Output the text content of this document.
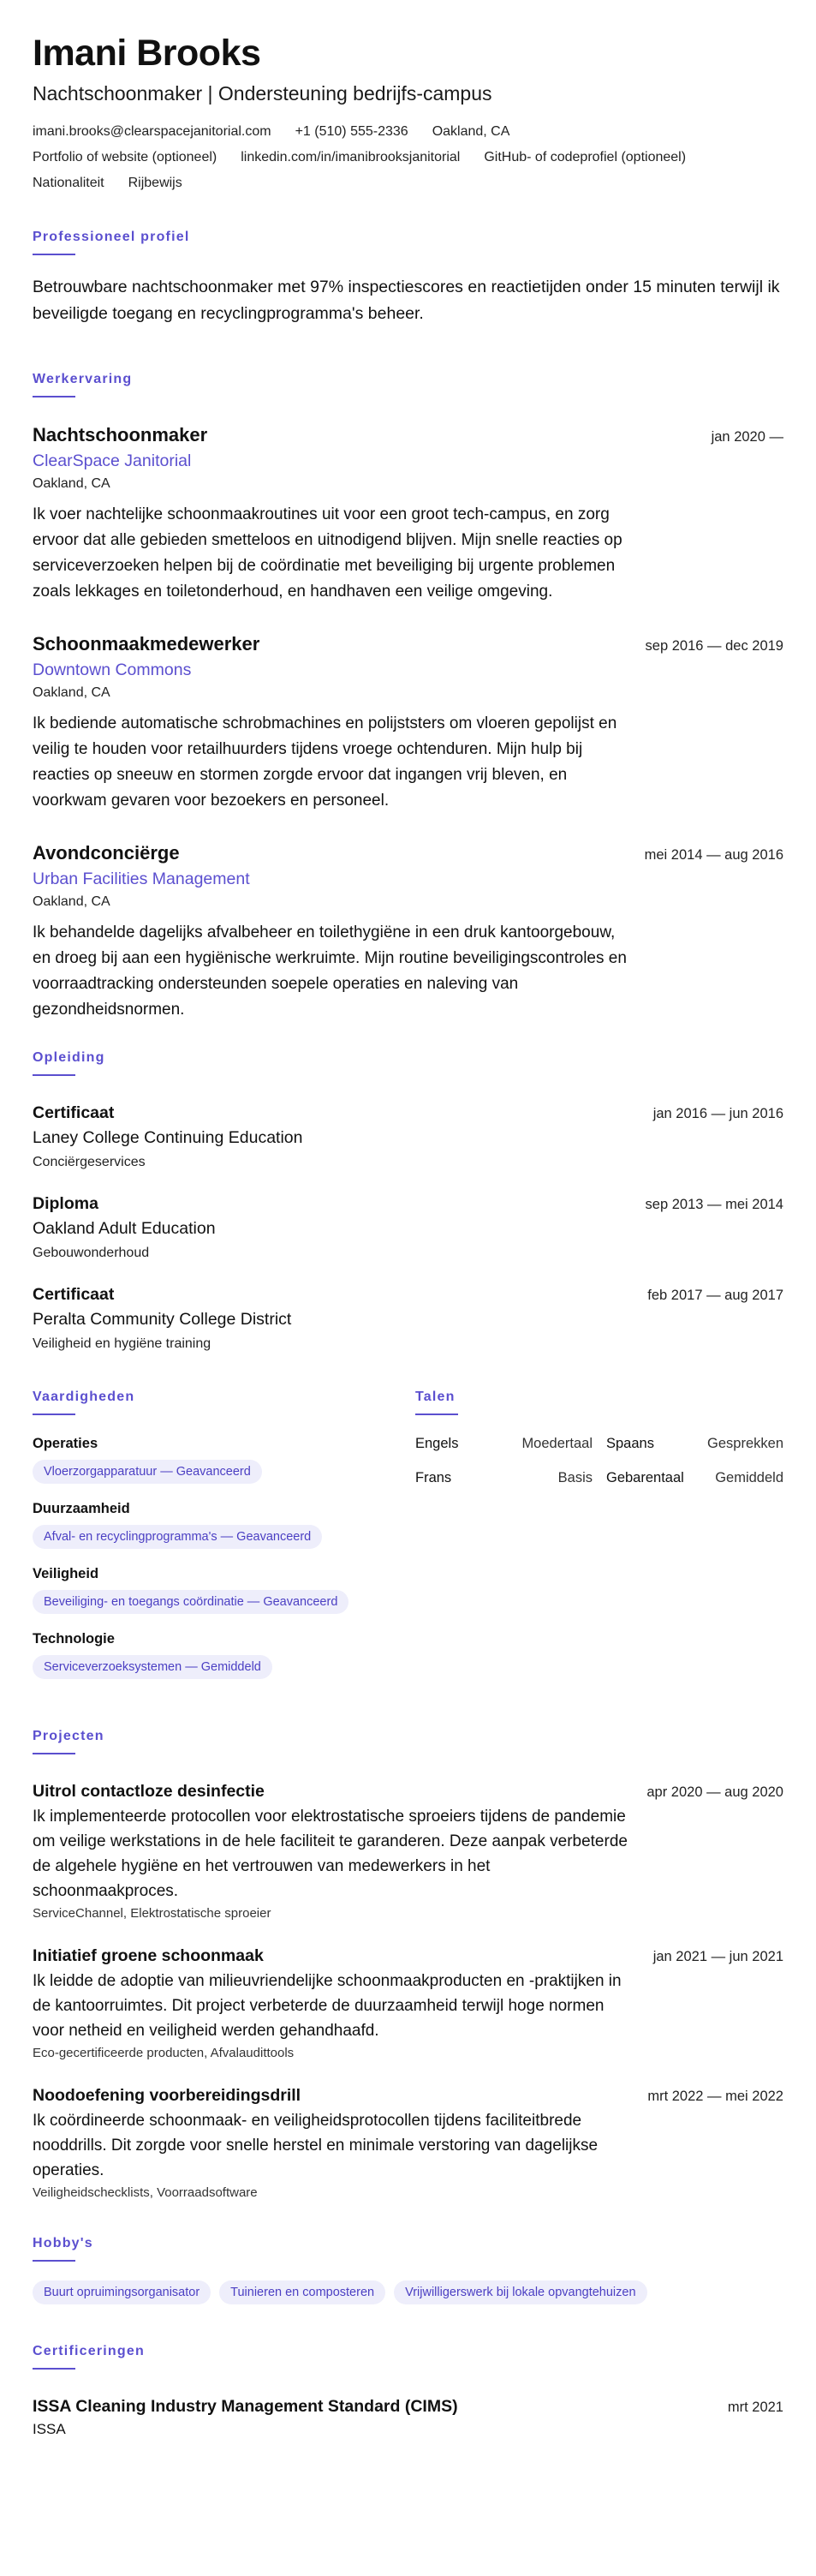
Imani Brooks
Nachtschoonmaker | Ondersteuning bedrijfs-campus
imani.brooks@clearspacejanitorial.com +1 (510) 555-2336 Oakland, CA
Portfolio of website (optioneel) linkedin.com/in/imanibrooksjanitorial GitHub- of codeprofiel (optioneel)
Nationaliteit Rijbewijs
Professioneel profiel

Betrouwbare nachtschoonmaker met 97% inspectiescores en reactietijden onder 15 minuten terwijl ik beveiligde toegang en recyclingprogramma's beheer.

Werkervaring
Nachtschoonmaker	jan 2020 —
ClearSpace Janitorial
Oakland, CA

Ik voer nachtelijke schoonmaakroutines uit voor een groot tech-campus, en zorg ervoor dat alle gebieden smetteloos en uitnodigend blijven. Mijn snelle reacties op serviceverzoeken helpen bij de coördinatie met beveiliging bij urgente problemen zoals lekkages en toiletonderhoud, en handhaven een veilige omgeving.

Schoonmaakmedewerker	sep 2016 — dec 2019
Downtown Commons
Oakland, CA

Ik bediende automatische schrobmachines en polijststers om vloeren gepolijst en veilig te houden voor retailhuurders tijdens vroege ochtenduren. Mijn hulp bij reacties op sneeuw en stormen zorgde ervoor dat ingangen vrij bleven, en voorkwam gevaren voor bezoekers en personeel.

Avondconciërge	mei 2014 — aug 2016
Urban Facilities Management
Oakland, CA

Ik behandelde dagelijks afvalbeheer en toilethygiëne in een druk kantoorgebouw, en droeg bij aan een hygiënische werkruimte. Mijn routine beveiligingscontroles en voorraadtracking ondersteunden soepele operaties en naleving van gezondheidsnormen.

Opleiding
Certificaat	jan 2016 — jun 2016
Laney College Continuing Education
Conciërgeservices
Diploma	sep 2013 — mei 2014
Oakland Adult Education
Gebouwonderhoud
Certificaat	feb 2017 — aug 2017
Peralta Community College District
Veiligheid en hygiëne training
Vaardigheden
Operaties
Vloerzorgapparatuur — Geavanceerd
Duurzaamheid
Afval- en recyclingprogramma's — Geavanceerd
Veiligheid
Beveiliging- en toegangs coördinatie — Geavanceerd
Technologie
Serviceverzoeksystemen — Gemiddeld
Talen
Engels	Moedertaal Spaans	Gesprekken
Frans	Basis Gebarentaal Gemiddeld
Projecten
Uitrol contactloze desinfectie	apr 2020 — aug 2020

Ik implementeerde protocollen voor elektrostatische sproeiers tijdens de pandemie om veilige werkstations in de hele faciliteit te garanderen. Deze aanpak verbeterde de algehele hygiëne en het vertrouwen van medewerkers in het schoonmaakproces.

ServiceChannel, Elektrostatische sproeier
Initiatief groene schoonmaak	jan 2021 — jun 2021

Ik leidde de adoptie van milieuvriendelijke schoonmaakproducten en -praktijken in de kantoorruimtes. Dit project verbeterde de duurzaamheid terwijl hoge normen voor netheid en veiligheid werden gehandhaafd.

Eco-gecertificeerde producten, Afvalaudittools
Noodoefening voorbereidingsdrill	mrt 2022 — mei 2022

Ik coördineerde schoonmaak- en veiligheidsprotocollen tijdens faciliteitbrede nooddrills. Dit zorgde voor snelle herstel en minimale verstoring van dagelijkse operaties.

Veiligheidschecklists, Voorraadsoftware
Hobby's
Buurt opruimingsorganisator	Tuinieren en composteren	Vrijwilligerswerk bij lokale opvangtehuizen
Certificeringen
ISSA Cleaning Industry Management Standard (CIMS)	mrt 2021
ISSA
